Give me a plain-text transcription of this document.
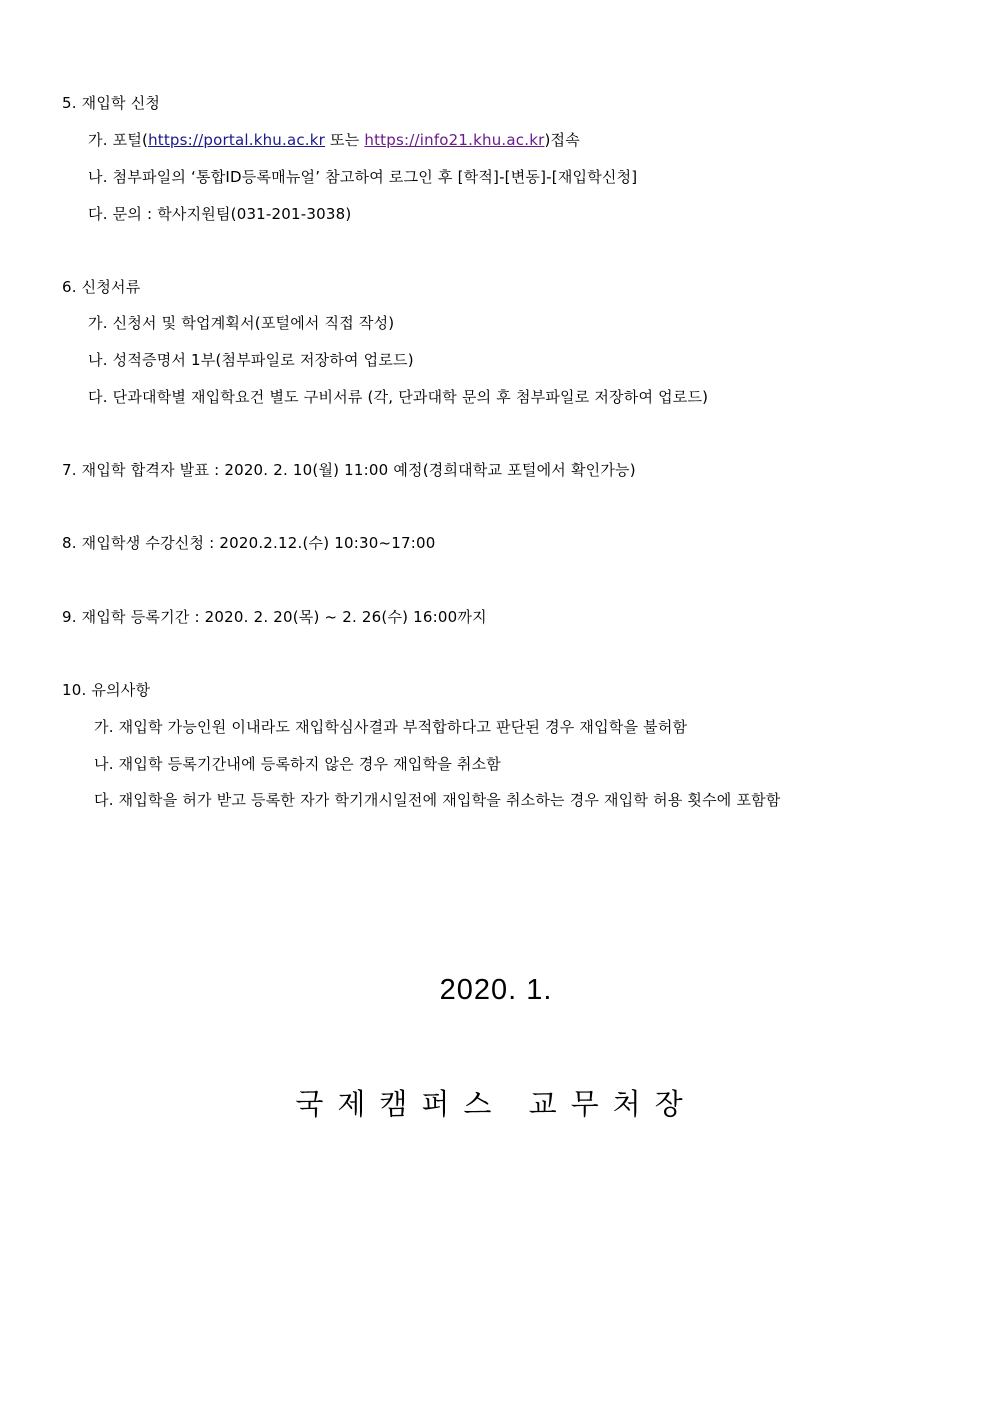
5. 재입학 신청
가. 포털(https://portal.khu.ac.kr 또는 https://info21.khu.ac.kr)접속
나. 첨부파일의 ‘통합ID등록매뉴얼’ 참고하여 로그인 후 [학적]-[변동]-[재입학신청]
다. 문의 : 학사지원팀(031-201-3038)
6. 신청서류
가. 신청서 및 학업계획서(포털에서 직접 작성)
나. 성적증명서 1부(첨부파일로 저장하여 업로드)
다. 단과대학별 재입학요건 별도 구비서류 (각, 단과대학 문의 후 첨부파일로 저장하여 업로드)
7. 재입학 합격자 발표 : 2020. 2. 10(월) 11:00 예정(경희대학교 포털에서 확인가능)
8. 재입학생 수강신청 : 2020.2.12.(수) 10:30~17:00
9. 재입학 등록기간 : 2020. 2. 20(목) ~ 2. 26(수) 16:00까지
10. 유의사항
가. 재입학 가능인원 이내라도 재입학심사결과 부적합하다고 판단된 경우 재입학을 불허함
나. 재입학 등록기간내에 등록하지 않은 경우 재입학을 취소함
다. 재입학을 허가 받고 등록한 자가 학기개시일전에 재입학을 취소하는 경우 재입학 허용 횟수에 포함함
2020. 1.
국제캠퍼스 교무처장
